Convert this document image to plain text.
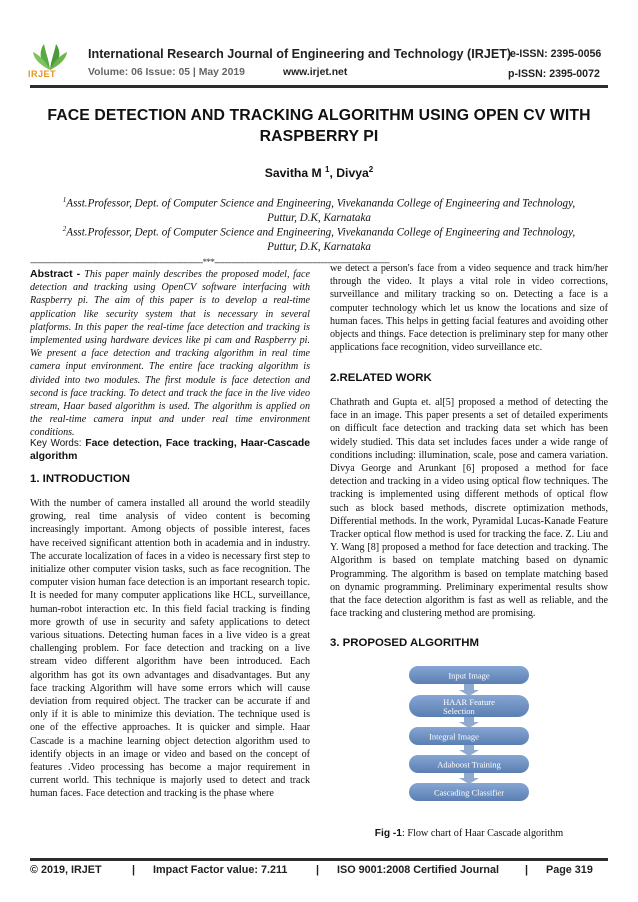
IRJET
International Research Journal of Engineering and Technology (IRJET)
e-ISSN: 2395-0056
Volume: 06 Issue: 05 | May 2019	www.irjet.net	p-ISSN: 2395-0072
FACE DETECTION AND TRACKING ALGORITHM USING OPEN CV WITH
RASPBERRY PI
Savitha M $^1$, Divya$^2$
$^1$Asst.Professor, Dept. of Computer Science and Engineering, Vivekananda College of Engineering and Technology,
Puttur, D.K, Karnataka
$^2$Asst.Professor, Dept. of Computer Science and Engineering, Vivekananda College of Engineering and Technology,
Puttur, D.K, Karnataka
------------------------------------------------------------------------***-------------------------------------------------------------------------

Abstract - This paper mainly describes the proposed model, face detection and tracking using OpenCV software interfacing with Raspberry pi. The aim of this paper is to develop a real-time application like security system that is necessary in several platforms. In this paper the real-time face detection and tracking is implemented using hardware devices like pi cam and Raspberry pi. We present a face detection and tracking algorithm in real time camera input environment. The entire face tracking algorithm is divided into two modules. The first module is face detection and second is face tracking. To detect and track the face in the live video stream, Haar based algorithm is used. The algorithm is applied on the real-time camera input and under real time environment conditions.

Key Words: Face detection, Face tracking, Haar-Cascade algorithm

1. INTRODUCTION
With the number of camera installed all around the world steadily growing, real time analysis of video content is becoming increasingly important. Among objects of possible interest, faces have received significant attention both in academia and in industry. The accurate localization of faces in a video is necessary first step to initialize other computer vision tasks, such as face recognition. The computer vision human face detection is an important research topic. It is needed for many computer applications like HCL, surveillance, human-robot interaction etc. In this field facial tracking is finding more growth of use in security and safety applications to detect various situations. Detecting human faces in a live video is a great challenging problem. For face detection and tracking on a live stream video different algorithm have been introduced. Each algorithm has got its own advantages and disadvantages. But any face tracking Algorithm will have some errors which will cause deviation from required object. The tracker can be accurate if and only if it is able to minimize this deviation. The technique used is one of the effective approaches. It is quicker and simple. Haar Cascade is a machine learning object detection algorithm used to identify objects in an image or video and based on the concept of features .Video processing has become a major requirement in current world. This technique is majorly used to detect and track human faces. Face detection and tracking is the phase where
we detect a person's face from a video sequence and track him/her through the video. It plays a vital role in video corrections, surveillance and military tracking so on. Detecting a face is a computer technology which let us know the locations and size of human faces. This helps in getting facial features and avoiding other objects and things. Face detection is preliminary step for many other applications face recognition, video surveillance etc.
2.RELATED WORK
Chathrath and Gupta et. al[5] proposed a method of detecting the face in an image. This paper presents a set of detailed experiments on difficult face detection and tracking data set which has been widely studied. This data set includes faces under a wide range of conditions including: illumination, scale, pose and camera variation. Divya George and Arunkant [6] proposed a method for face detection and tracking in a video using optical flow techniques. The tracking is implemented using different methods of optical flow such as block based methods, discrete optimization methods, Differential methods. In the work, Pyramidal Lucas-Kanade Feature Tracker optical flow method is used for tracking the face. Z. Liu and Y. Wang [8] proposed a method for face detection and tracking. The Algorithm is based on template matching based on dynamic Programming. The algorithm is based on template matching based on dynamic programming. Preliminary experimental results show that the face detection algorithm is fast as well as reliable, and the face tracking and clustering method are promising.
3. PROPOSED ALGORITHM
Input Image
HAAR Feature
Selection
Integral Image
Adaboost Training
Cascading Classifier
Fig -1: Flow chart of Haar Cascade algorithm
© 2019, IRJET	| Impact Factor value: 7.211	| ISO 9001:2008 Certified Journal | Page 319
